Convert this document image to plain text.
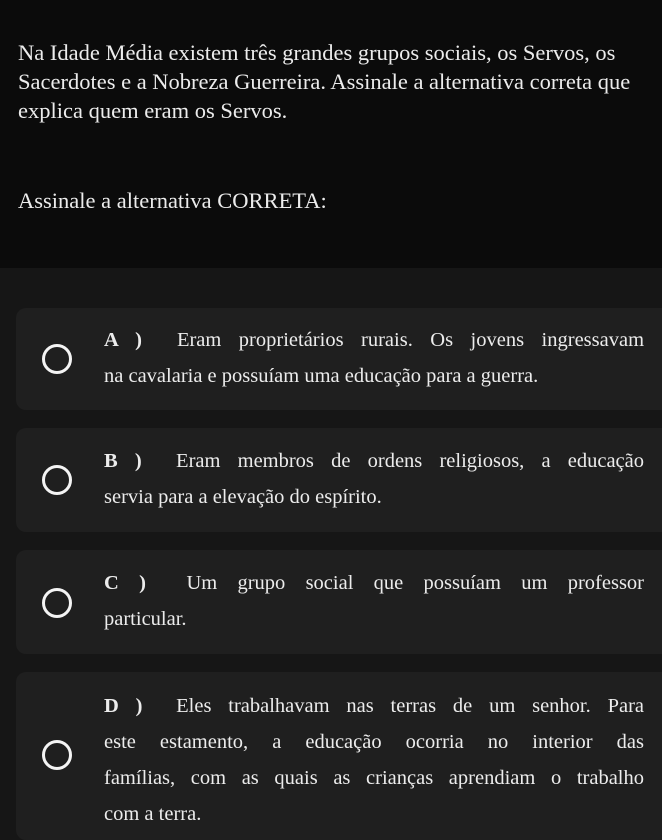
Na Idade Média existem três grandes grupos sociais, os Servos, os
Sacerdotes e a Nobreza Guerreira. Assinale a alternativa correta que
explica quem eram os Servos.
Assinale a alternativa CORRETA:
A ) Eram proprietários rurais. Os jovens ingressavam
na cavalaria e possuíam uma educação para a guerra.
B ) Eram membros de ordens religiosos, a educação
servia para a elevação do espírito.
C ) Um grupo social que possuíam um professor
particular.
D ) Eles trabalhavam nas terras de um senhor. Para
este estamento, a educação ocorria no interior das
famílias, com as quais as crianças aprendiam o trabalho
com a terra.
